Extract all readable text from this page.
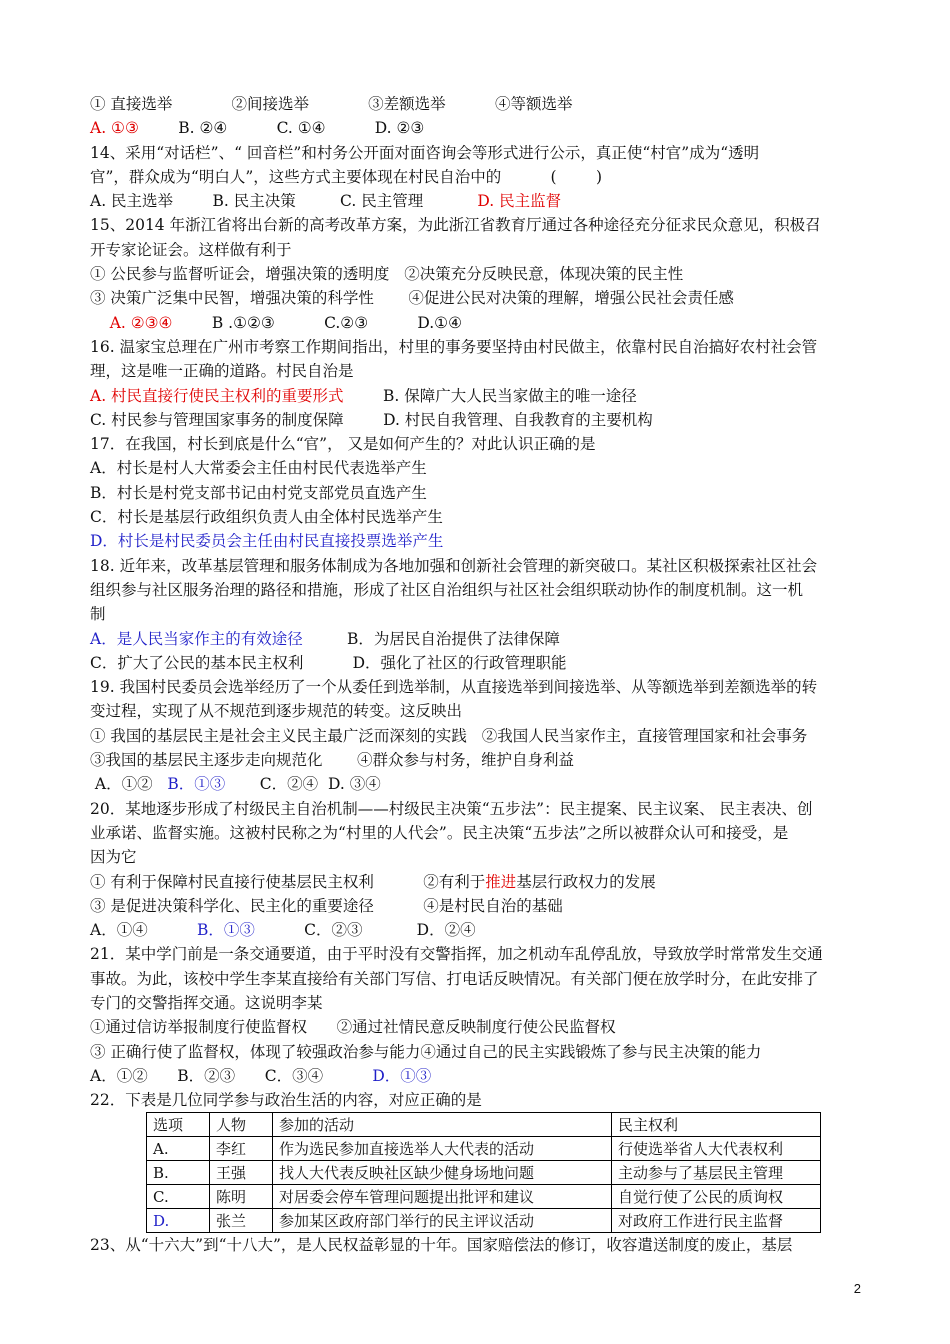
① 直接选举            ②间接选举            ③差额选举          ④等额选举
A. ①③        B. ②④          C. ①④          D. ②③
14、采用“对话栏”、“ 回音栏”和村务公开面对面咨询会等形式进行公示，真正使“村官”成为“透明
官”，群众成为“明白人”，这些方式主要体现在村民自治中的          (        )
A. 民主选举        B. 民主决策         C. 民主管理           D. 民主监督
15、2014 年浙江省将出台新的高考改革方案，为此浙江省教育厅通过各种途径充分征求民众意见，积极召
开专家论证会。这样做有利于
① 公民参与监督听证会，增强决策的透明度   ②决策充分反映民意，体现决策的民主性
③ 决策广泛集中民智，增强决策的科学性       ④促进公民对决策的理解，增强公民社会责任感
A. ②③④        B .①②③          C.②③          D.①④
16. 温家宝总理在广州市考察工作期间指出，村里的事务要坚持由村民做主，依靠村民自治搞好农村社会管
理，这是唯一正确的道路。村民自治是
A. 村民直接行使民主权利的重要形式        B. 保障广大人民当家做主的唯一途径
C. 村民参与管理国家事务的制度保障        D. 村民自我管理、自我教育的主要机构
17．在我国，村长到底是什么“官”， 又是如何产生的？对此认识正确的是
A．村长是村人大常委会主任由村民代表选举产生
B．村长是村党支部书记由村党支部党员直选产生
C．村长是基层行政组织负责人由全体村民选举产生
D．村长是村民委员会主任由村民直接投票选举产生
18. 近年来，改革基层管理和服务体制成为各地加强和创新社会管理的新突破口。某社区积极探索社区社会
组织参与社区服务治理的路径和措施，形成了社区自治组织与社区社会组织联动协作的制度机制。这一机
制
A．是人民当家作主的有效途径         B．为居民自治提供了法律保障
C．扩大了公民的基本民主权利          D．强化了社区的行政管理职能
19. 我国村民委员会选举经历了一个从委任到选举制，从直接选举到间接选举、从等额选举到差额选举的转
变过程，实现了从不规范到逐步规范的转变。这反映出
① 我国的基层民主是社会主义民主最广泛而深刻的实践   ②我国人民当家作主，直接管理国家和社会事务
③我国的基层民主逐步走向规范化       ④群众参与村务，维护自身利益
A．①②   B．①③       C．②④  D. ③④
20．某地逐步形成了村级民主自治机制——村级民主决策“五步法”：民主提案、民主议案、 民主表决、创
业承诺、监督实施。这被村民称之为“村里的人代会”。民主决策“五步法”之所以被群众认可和接受，是
因为它
① 有利于保障村民直接行使基层民主权利          ②有利于推进基层行政权力的发展
③ 是促进决策科学化、民主化的重要途径          ④是村民自治的基础
A．①④          B．①③          C．②③           D．②④
21．某中学门前是一条交通要道，由于平时没有交警指挥，加之机动车乱停乱放，导致放学时常常发生交通
事故。为此，该校中学生李某直接给有关部门写信、打电话反映情况。有关部门便在放学时分，在此安排了
专门的交警指挥交通。这说明李某
①通过信访举报制度行使监督权      ②通过社情民意反映制度行使公民监督权
③ 正确行使了监督权，体现了较强政治参与能力④通过自己的民主实践锻炼了参与民主决策的能力
A．①②      B．②③      C．③④          D．①③
22．下表是几位同学参与政治生活的内容，对应正确的是
选项	人物	参加的活动	民主权利
A.	李红	作为选民参加直接选举人大代表的活动	行使选举省人大代表权利
B.	王强	找人大代表反映社区缺少健身场地问题	主动参与了基层民主管理
C.	陈明	对居委会停车管理问题提出批评和建议	自觉行使了公民的质询权
D.	张兰	参加某区政府部门举行的民主评议活动	对政府工作进行民主监督
23、从“十六大”到“十八大”，是人民权益彰显的十年。国家赔偿法的修订，收容遣送制度的废止，基层
2
